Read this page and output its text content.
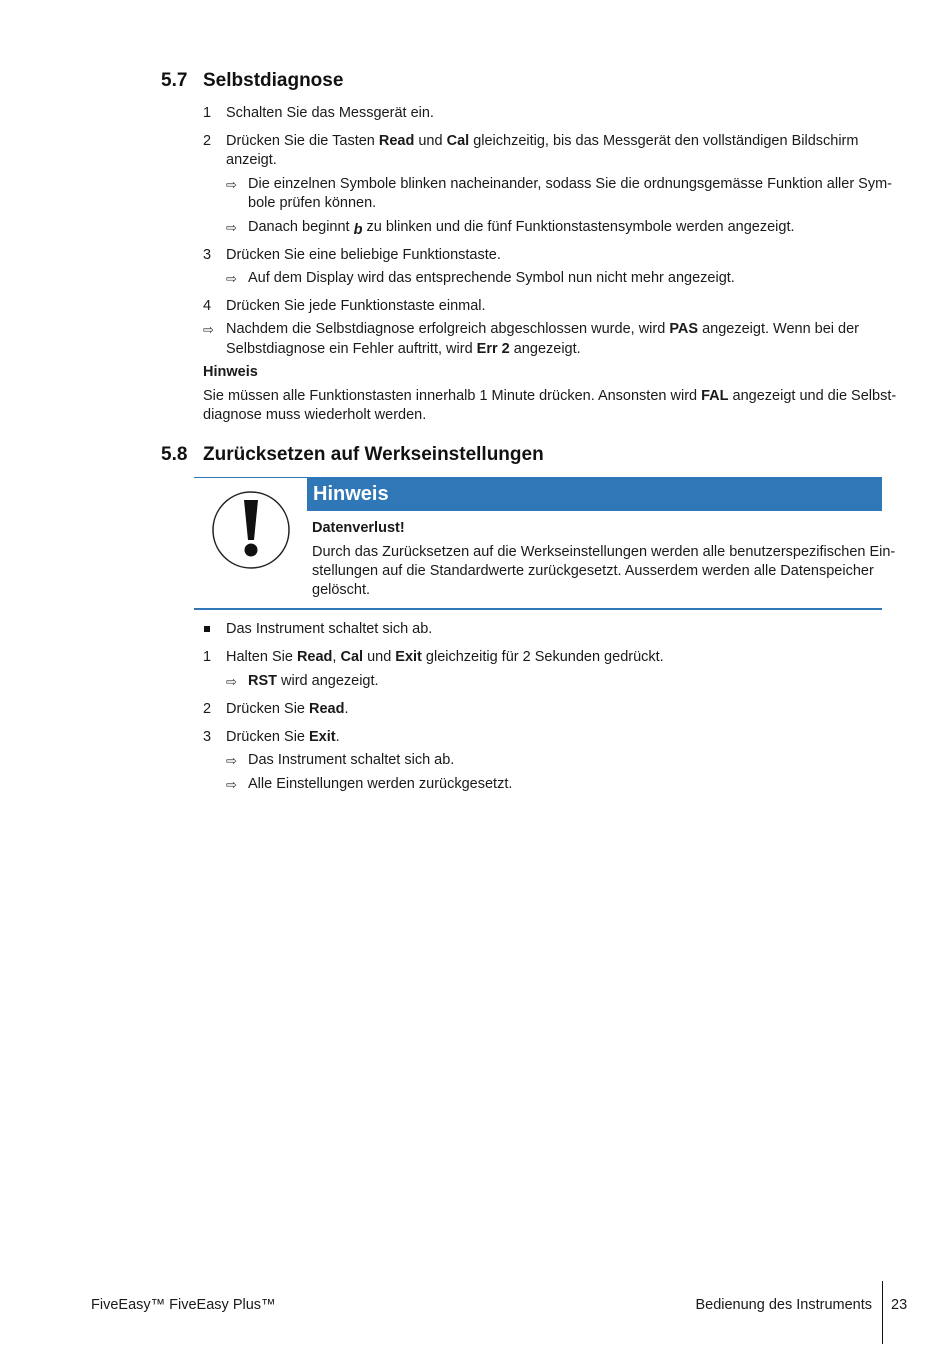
5.7 Selbstdiagnose
1	Schalten Sie das Messgerät ein.
2	Drücken Sie die Tasten Read und Cal gleichzeitig, bis das Messgerät den vollständigen Bildschirm
anzeigt.
⇨ Die einzelnen Symbole blinken nacheinander, sodass Sie die ordnungsgemässe Funktion aller Sym-
bole prüfen können.
⇨ Danach beginnt b zu blinken und die fünf Funktionstastensymbole werden angezeigt.
3	Drücken Sie eine beliebige Funktionstaste.
⇨ Auf dem Display wird das entsprechende Symbol nun nicht mehr angezeigt.
4	Drücken Sie jede Funktionstaste einmal.
⇨ Nachdem die Selbstdiagnose erfolgreich abgeschlossen wurde, wird PAS angezeigt. Wenn bei der
Selbstdiagnose ein Fehler auftritt, wird Err 2 angezeigt.
Hinweis
Sie müssen alle Funktionstasten innerhalb 1 Minute drücken. Ansonsten wird FAL angezeigt und die Selbst-
diagnose muss wiederholt werden.
5.8 Zurücksetzen auf Werkseinstellungen
Hinweis
Datenverlust!
Durch das Zurücksetzen auf die Werkseinstellungen werden alle benutzerspezifischen Ein-
stellungen auf die Standardwerte zurückgesetzt. Ausserdem werden alle Datenspeicher
gelöscht.
Das Instrument schaltet sich ab.
1	Halten Sie Read, Cal und Exit gleichzeitig für 2 Sekunden gedrückt.
⇨ RST wird angezeigt.
2	Drücken Sie Read.
3	Drücken Sie Exit.
⇨ Das Instrument schaltet sich ab.
⇨ Alle Einstellungen werden zurückgesetzt.
FiveEasy™ FiveEasy Plus™	Bedienung des Instruments 23
